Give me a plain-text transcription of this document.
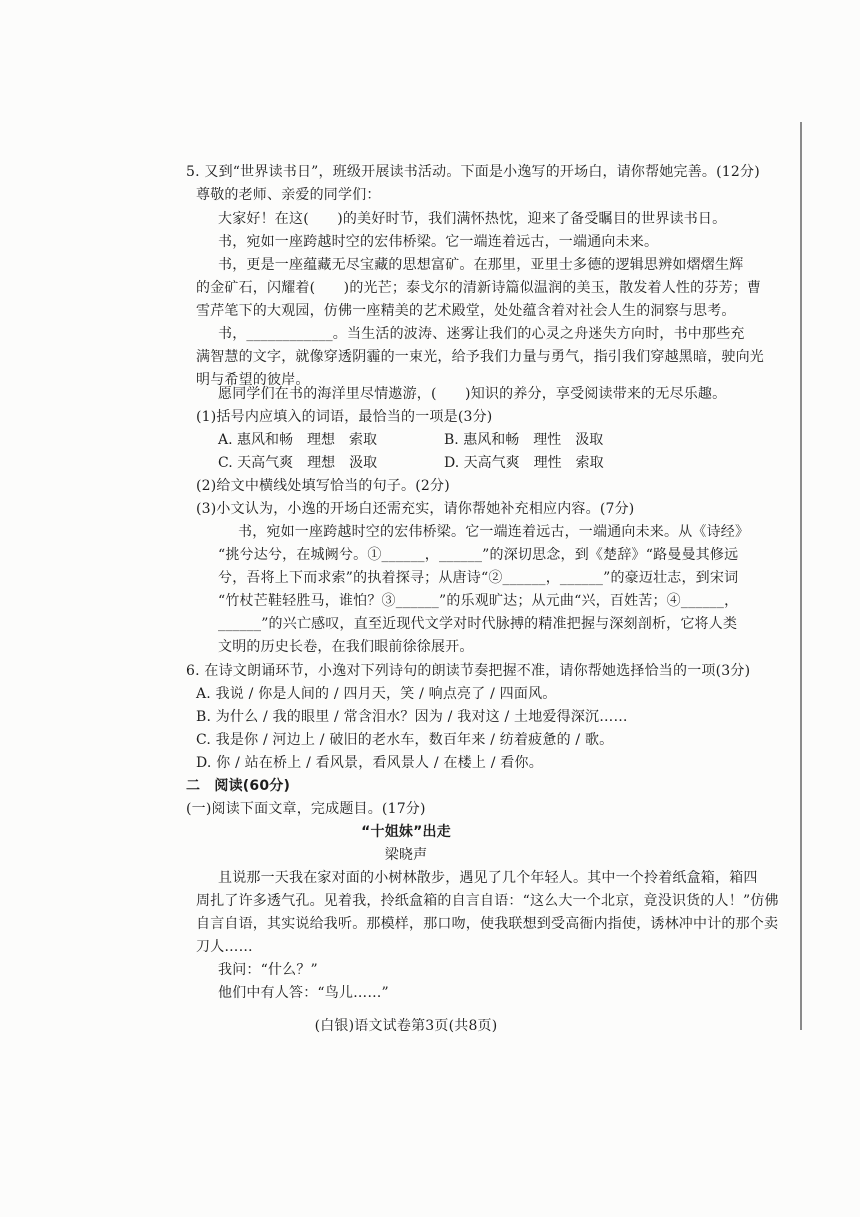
5. 又到“世界读书日”，班级开展读书活动。下面是小逸写的开场白，请你帮她完善。(12分)
尊敬的老师、亲爱的同学们：
大家好！在这(　　)的美好时节，我们满怀热忱，迎来了备受瞩目的世界读书日。
书，宛如一座跨越时空的宏伟桥梁。它一端连着远古，一端通向未来。
书，更是一座蕴藏无尽宝藏的思想富矿。在那里，亚里士多德的逻辑思辨如熠熠生辉
的金矿石，闪耀着(　　)的光芒；泰戈尔的清新诗篇似温润的美玉，散发着人性的芬芳；曹
雪芹笔下的大观园，仿佛一座精美的艺术殿堂，处处蕴含着对社会人生的洞察与思考。
书，____________。当生活的波涛、迷雾让我们的心灵之舟迷失方向时，书中那些充
满智慧的文字，就像穿透阴霾的一束光，给予我们力量与勇气，指引我们穿越黑暗，驶向光
明与希望的彼岸。
愿同学们在书的海洋里尽情遨游，(　　)知识的养分，享受阅读带来的无尽乐趣。
(1)括号内应填入的词语，最恰当的一项是(3分)
A. 惠风和畅　理想　索取	B. 惠风和畅　理性　汲取
C. 天高气爽　理想　汲取	D. 天高气爽　理性　索取
(2)给文中横线处填写恰当的句子。(2分)
(3)小文认为，小逸的开场白还需充实，请你帮她补充相应内容。(7分)
书，宛如一座跨越时空的宏伟桥梁。它一端连着远古，一端通向未来。从《诗经》
“挑兮达兮，在城阙兮。①______，______”的深切思念，到《楚辞》“路曼曼其修远
兮，吾将上下而求索”的执着探寻；从唐诗“②______，______”的豪迈壮志，到宋词
“竹杖芒鞋轻胜马，谁怕？③______”的乐观旷达；从元曲“兴，百姓苦；④______，
______”的兴亡感叹，直至近现代文学对时代脉搏的精准把握与深刻剖析，它将人类
文明的历史长卷，在我们眼前徐徐展开。
6. 在诗文朗诵环节，小逸对下列诗句的朗读节奏把握不准，请你帮她选择恰当的一项(3分)
A. 我说 / 你是人间的 / 四月天，笑 / 响点亮了 / 四面风。
B. 为什么 / 我的眼里 / 常含泪水？因为 / 我对这 / 土地爱得深沉……
C. 我是你 / 河边上 / 破旧的老水车，数百年来 / 纺着疲惫的 / 歌。
D. 你 / 站在桥上 / 看风景，看风景人 / 在楼上 / 看你。
二　阅读(60分)
(一)阅读下面文章，完成题目。(17分)
“十姐妹”出走
梁晓声
且说那一天我在家对面的小树林散步，遇见了几个年轻人。其中一个拎着纸盒箱，箱四
周扎了许多透气孔。见着我，拎纸盒箱的自言自语：“这么大一个北京，竟没识货的人！”仿佛
自言自语，其实说给我听。那模样，那口吻，使我联想到受高衙内指使，诱林冲中计的那个卖
刀人……
我问：“什么？”
他们中有人答：“鸟儿……”
(白银)语文试卷第3页(共8页)
